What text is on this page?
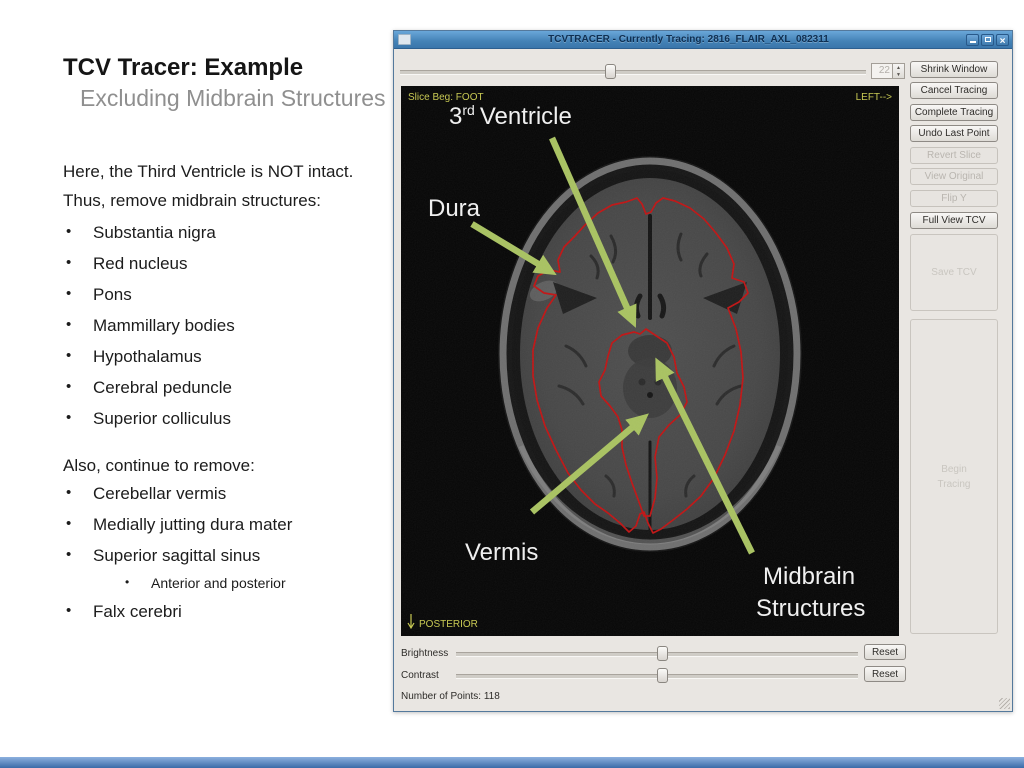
TCV Tracer: Example
Excluding Midbrain Structures
Here, the Third Ventricle is NOT intact.
Thus, remove midbrain structures:
• Substantia nigra
• Red nucleus
• Pons
• Mammillary bodies
• Hypothalamus
• Cerebral peduncle
• Superior colliculus
Also, continue to remove:
• Cerebellar vermis
• Medially jutting dura mater
• Superior sagittal sinus
• Anterior and posterior
• Falx cerebri
TCVTRACER - Currently Tracing: 2816_FLAIR_AXL_082311
×
22 ▲
▼	Shrink Window
Cancel Tracing
Complete Tracing
Undo Last Point
Revert Slice
View Original
Flip Y
Full View TCV
Save TCV
Begin Tracing
3rd Ventricle
Dura
Vermis
Midbrain
Structures
Slice Beg: FOOT	LEFT-->
POSTERIOR
Brightness	Reset
Contrast	Reset
Number of Points: 118
